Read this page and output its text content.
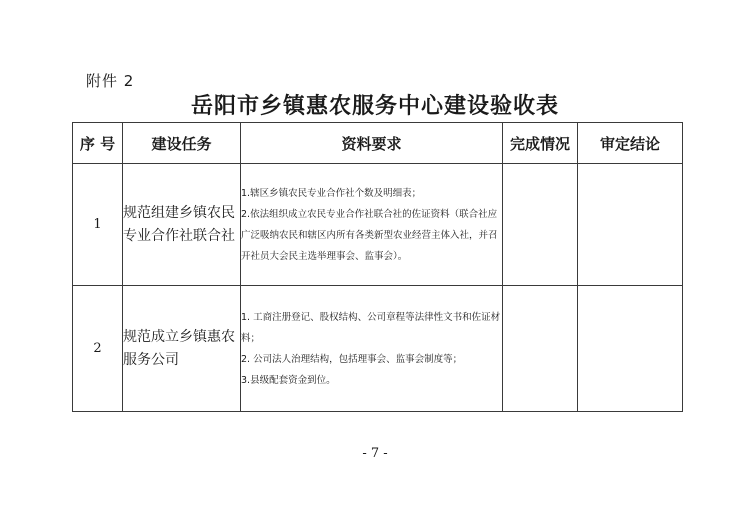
附件 2
岳阳市乡镇惠农服务中心建设验收表
序 号	建设任务	资料要求	完成情况	审定结论
1	规范组建乡镇农民专业合作社联合社	1.辖区乡镇农民专业合作社个数及明细表；
2.依法组织成立农民专业合作社联合社的佐证资料（联合社应广泛吸纳农民和辖区内所有各类新型农业经营主体入社，并召开社员大会民主选举理事会、监事会）。		

2	规范成立乡镇惠农服务公司	1. 工商注册登记、股权结构、公司章程等法律性文书和佐证材料；
2. 公司法人治理结构，包括理事会、监事会制度等；
3.县级配套资金到位。		

- 7 -
